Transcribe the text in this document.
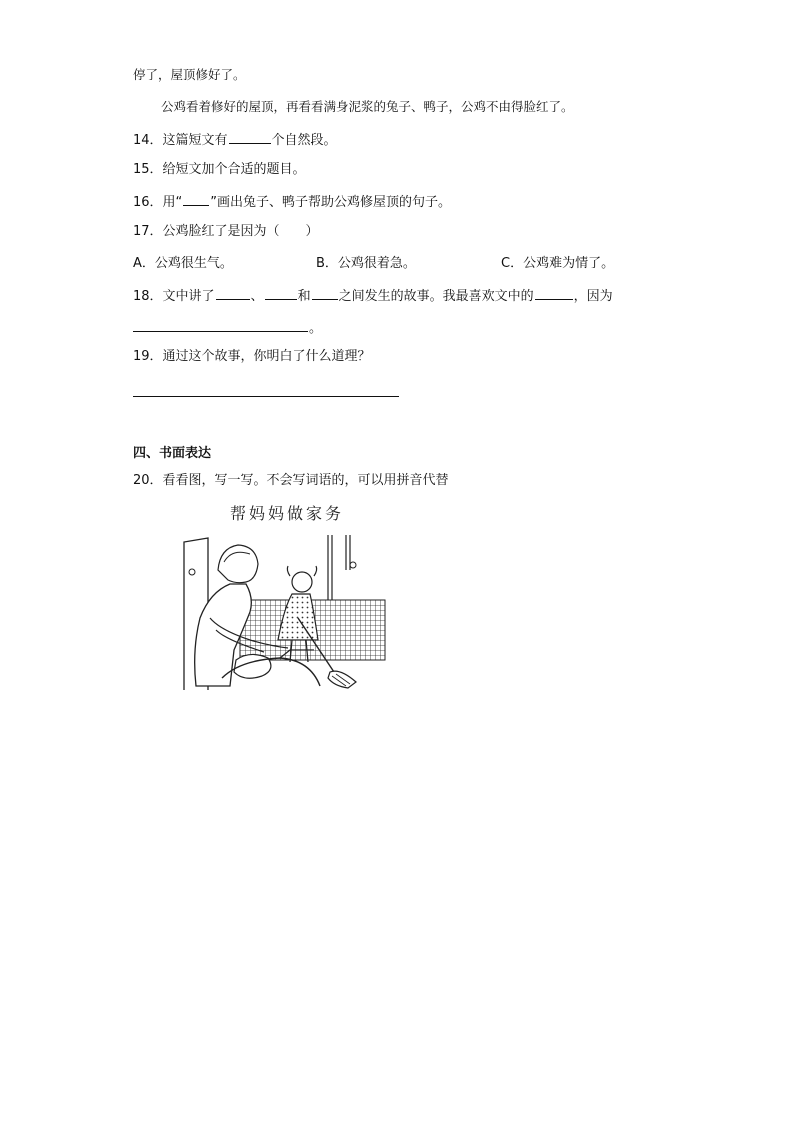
停了，屋顶修好了。
公鸡看着修好的屋顶，再看看满身泥浆的兔子、鸭子，公鸡不由得脸红了。
14．这篇短文有	个自然段。
15．给短文加个合适的题目。
16．用“ ”画出兔子、鸭子帮助公鸡修屋顶的句子。
17．公鸡脸红了是因为（　　）
A．公鸡很生气。	B．公鸡很着急。	C．公鸡难为情了。
18．文中讲了	、	和 之间发生的故事。我最喜欢文中的	，因为
。
19．通过这个故事，你明白了什么道理？
四、书面表达
20．看看图，写一写。不会写词语的，可以用拼音代替
帮妈妈做家务
